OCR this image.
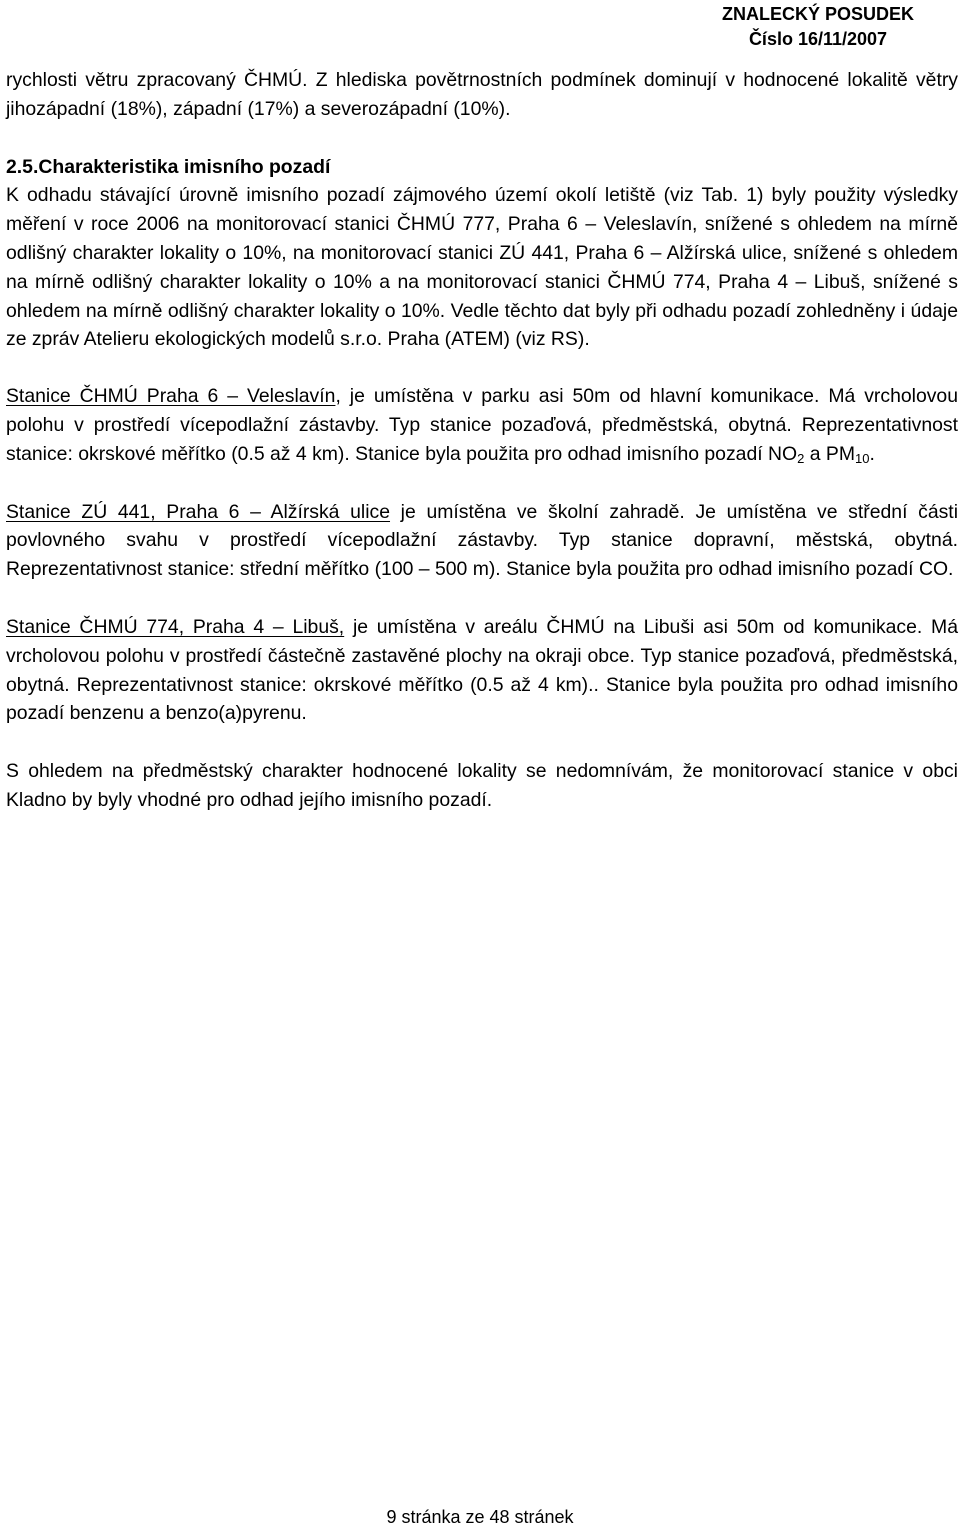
ZNALECKÝ POSUDEK
Číslo 16/11/2007

rychlosti větru zpracovaný ČHMÚ. Z hlediska povětrnostních podmínek dominují v hodnocené lokalitě větry jihozápadní (18%), západní (17%) a severozápadní (10%).

2.5.Charakteristika imisního pozadí

K odhadu stávající úrovně imisního pozadí zájmového území okolí letiště (viz Tab. 1) byly použity výsledky měření v roce 2006 na monitorovací stanici ČHMÚ 777, Praha 6 – Veleslavín, snížené s ohledem na mírně odlišný charakter lokality o 10%, na monitorovací stanici ZÚ 441, Praha 6 – Alžírská ulice, snížené s ohledem na mírně odlišný charakter lokality o 10% a na monitorovací stanici ČHMÚ 774, Praha 4 – Libuš, snížené s ohledem na mírně odlišný charakter lokality o 10%. Vedle těchto dat byly při odhadu pozadí zohledněny i údaje ze zpráv Atelieru ekologických modelů s.r.o. Praha (ATEM) (viz RS).

Stanice ČHMÚ Praha 6 – Veleslavín, je umístěna v parku asi 50m od hlavní komunikace. Má vrcholovou polohu v prostředí vícepodlažní zástavby. Typ stanice pozaďová, předměstská, obytná. Reprezentativnost stanice: okrskové měřítko (0.5 až 4 km). Stanice byla použita pro odhad imisního pozadí $NO_2$ a $PM_{10}$.

Stanice ZÚ 441, Praha 6 – Alžírská ulice je umístěna ve školní zahradě. Je umístěna ve střední části povlovného svahu v prostředí vícepodlažní zástavby. Typ stanice dopravní, městská, obytná. Reprezentativnost stanice: střední měřítko (100 – 500 m). Stanice byla použita pro odhad imisního pozadí CO.

Stanice ČHMÚ 774, Praha 4 – Libuš, je umístěna v areálu ČHMÚ na Libuši asi 50m od komunikace. Má vrcholovou polohu v prostředí částečně zastavěné plochy na okraji obce. Typ stanice pozaďová, předměstská, obytná. Reprezentativnost stanice: okrskové měřítko (0.5 až 4 km).. Stanice byla použita pro odhad imisního pozadí benzenu a benzo(a)pyrenu.

S ohledem na předměstský charakter hodnocené lokality se nedomnívám, že monitorovací stanice v obci Kladno by byly vhodné pro odhad jejího imisního pozadí.

9 stránka ze 48 stránek
